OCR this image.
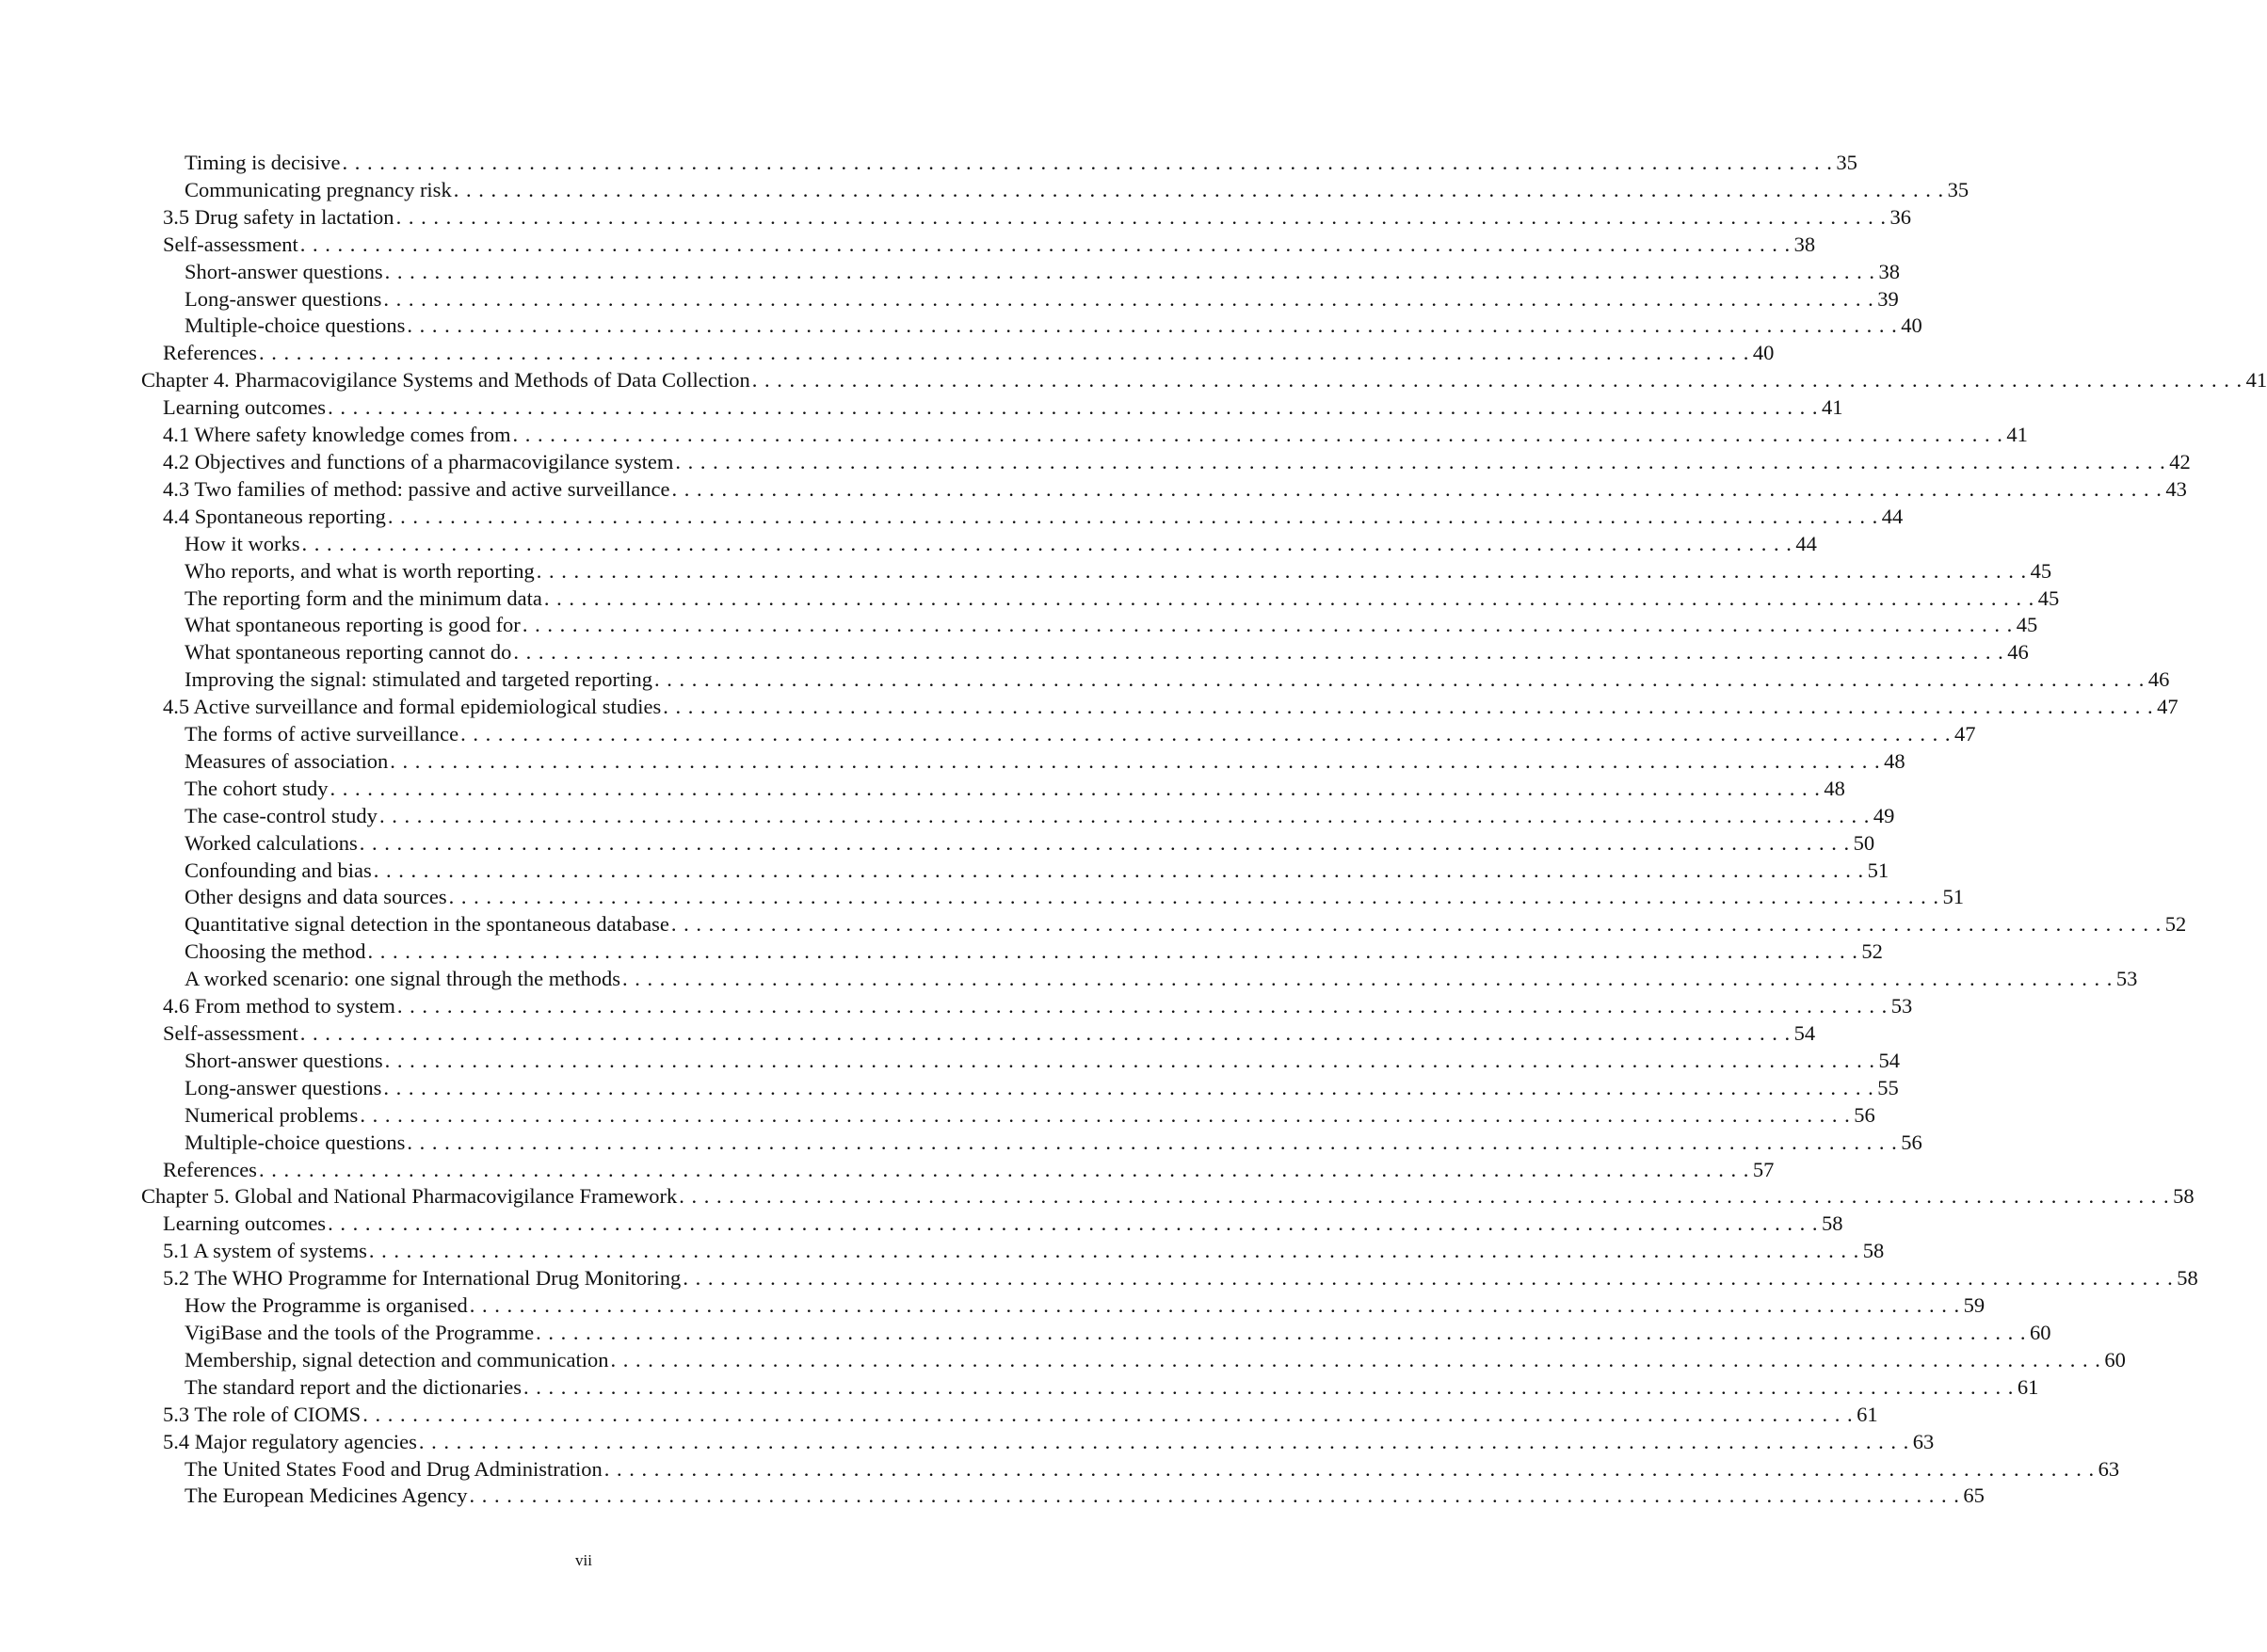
Timing is decisive . . . . . . . . . . . . . . . . . . . . . . . . . . . . . . . . . . . . . . . . . . . . . . . . . . . . . . . . . . . . . . . . . . . . . . . . . . . . . . . . . . . . . . . . . . . . . . . . . . . . . . . . . . . . . . . . . . . . . . . . 35
Communicating pregnancy risk . . . . . . . . . . . . . . . . . . . . . . . . . . . . . . . . . . . . . . . . . . . . . . . . . . . . . . . . . . . . . . . . . . . . . . . . . . . . . . . . . . . . . . . . . . . . . . . . . . . . . . . . . . . . . . . . . . . . . . . . 35
3.5 Drug safety in lactation . . . . . . . . . . . . . . . . . . . . . . . . . . . . . . . . . . . . . . . . . . . . . . . . . . . . . . . . . . . . . . . . . . . . . . . . . . . . . . . . . . . . . . . . . . . . . . . . . . . . . . . . . . . . . . . . . . . . . . . . 36
Self-assessment . . . . . . . . . . . . . . . . . . . . . . . . . . . . . . . . . . . . . . . . . . . . . . . . . . . . . . . . . . . . . . . . . . . . . . . . . . . . . . . . . . . . . . . . . . . . . . . . . . . . . . . . . . . . . . . . . . . . . . . . 38
Short-answer questions . . . . . . . . . . . . . . . . . . . . . . . . . . . . . . . . . . . . . . . . . . . . . . . . . . . . . . . . . . . . . . . . . . . . . . . . . . . . . . . . . . . . . . . . . . . . . . . . . . . . . . . . . . . . . . . . . . . . . . . . 38
Long-answer questions . . . . . . . . . . . . . . . . . . . . . . . . . . . . . . . . . . . . . . . . . . . . . . . . . . . . . . . . . . . . . . . . . . . . . . . . . . . . . . . . . . . . . . . . . . . . . . . . . . . . . . . . . . . . . . . . . . . . . . . . 39
Multiple-choice questions . . . . . . . . . . . . . . . . . . . . . . . . . . . . . . . . . . . . . . . . . . . . . . . . . . . . . . . . . . . . . . . . . . . . . . . . . . . . . . . . . . . . . . . . . . . . . . . . . . . . . . . . . . . . . . . . . . . . . . . . 40
References . . . . . . . . . . . . . . . . . . . . . . . . . . . . . . . . . . . . . . . . . . . . . . . . . . . . . . . . . . . . . . . . . . . . . . . . . . . . . . . . . . . . . . . . . . . . . . . . . . . . . . . . . . . . . . . . . . . . . . . . 40
Chapter 4. Pharmacovigilance Systems and Methods of Data Collection . . . . . . . . . . . . . . . . . . . . . . . . . . . . . . . . . . . . . . . . . . . . . . . . . . . . . . . . . . . . . . . . . . . . . . . . . . . . . . . . . . . . . . . . . . . . . . . . . . . . . . . . . . . . . . . . . . . . . . . . 41
Learning outcomes . . . . . . . . . . . . . . . . . . . . . . . . . . . . . . . . . . . . . . . . . . . . . . . . . . . . . . . . . . . . . . . . . . . . . . . . . . . . . . . . . . . . . . . . . . . . . . . . . . . . . . . . . . . . . . . . . . . . . . . . 41
4.1 Where safety knowledge comes from . . . . . . . . . . . . . . . . . . . . . . . . . . . . . . . . . . . . . . . . . . . . . . . . . . . . . . . . . . . . . . . . . . . . . . . . . . . . . . . . . . . . . . . . . . . . . . . . . . . . . . . . . . . . . . . . . . . . . . . . 41
4.2 Objectives and functions of a pharmacovigilance system . . . . . . . . . . . . . . . . . . . . . . . . . . . . . . . . . . . . . . . . . . . . . . . . . . . . . . . . . . . . . . . . . . . . . . . . . . . . . . . . . . . . . . . . . . . . . . . . . . . . . . . . . . . . . . . . . . . . . . . . 42
4.3 Two families of method: passive and active surveillance . . . . . . . . . . . . . . . . . . . . . . . . . . . . . . . . . . . . . . . . . . . . . . . . . . . . . . . . . . . . . . . . . . . . . . . . . . . . . . . . . . . . . . . . . . . . . . . . . . . . . . . . . . . . . . . . . . . . . . . . 43
4.4 Spontaneous reporting . . . . . . . . . . . . . . . . . . . . . . . . . . . . . . . . . . . . . . . . . . . . . . . . . . . . . . . . . . . . . . . . . . . . . . . . . . . . . . . . . . . . . . . . . . . . . . . . . . . . . . . . . . . . . . . . . . . . . . . . 44
How it works . . . . . . . . . . . . . . . . . . . . . . . . . . . . . . . . . . . . . . . . . . . . . . . . . . . . . . . . . . . . . . . . . . . . . . . . . . . . . . . . . . . . . . . . . . . . . . . . . . . . . . . . . . . . . . . . . . . . . . . . 44
Who reports, and what is worth reporting . . . . . . . . . . . . . . . . . . . . . . . . . . . . . . . . . . . . . . . . . . . . . . . . . . . . . . . . . . . . . . . . . . . . . . . . . . . . . . . . . . . . . . . . . . . . . . . . . . . . . . . . . . . . . . . . . . . . . . . . 45
The reporting form and the minimum data . . . . . . . . . . . . . . . . . . . . . . . . . . . . . . . . . . . . . . . . . . . . . . . . . . . . . . . . . . . . . . . . . . . . . . . . . . . . . . . . . . . . . . . . . . . . . . . . . . . . . . . . . . . . . . . . . . . . . . . . 45
What spontaneous reporting is good for . . . . . . . . . . . . . . . . . . . . . . . . . . . . . . . . . . . . . . . . . . . . . . . . . . . . . . . . . . . . . . . . . . . . . . . . . . . . . . . . . . . . . . . . . . . . . . . . . . . . . . . . . . . . . . . . . . . . . . . . 45
What spontaneous reporting cannot do . . . . . . . . . . . . . . . . . . . . . . . . . . . . . . . . . . . . . . . . . . . . . . . . . . . . . . . . . . . . . . . . . . . . . . . . . . . . . . . . . . . . . . . . . . . . . . . . . . . . . . . . . . . . . . . . . . . . . . . . 46
Improving the signal: stimulated and targeted reporting . . . . . . . . . . . . . . . . . . . . . . . . . . . . . . . . . . . . . . . . . . . . . . . . . . . . . . . . . . . . . . . . . . . . . . . . . . . . . . . . . . . . . . . . . . . . . . . . . . . . . . . . . . . . . . . . . . . . . . . . 46
4.5 Active surveillance and formal epidemiological studies . . . . . . . . . . . . . . . . . . . . . . . . . . . . . . . . . . . . . . . . . . . . . . . . . . . . . . . . . . . . . . . . . . . . . . . . . . . . . . . . . . . . . . . . . . . . . . . . . . . . . . . . . . . . . . . . . . . . . . . . 47
The forms of active surveillance . . . . . . . . . . . . . . . . . . . . . . . . . . . . . . . . . . . . . . . . . . . . . . . . . . . . . . . . . . . . . . . . . . . . . . . . . . . . . . . . . . . . . . . . . . . . . . . . . . . . . . . . . . . . . . . . . . . . . . . . 47
Measures of association . . . . . . . . . . . . . . . . . . . . . . . . . . . . . . . . . . . . . . . . . . . . . . . . . . . . . . . . . . . . . . . . . . . . . . . . . . . . . . . . . . . . . . . . . . . . . . . . . . . . . . . . . . . . . . . . . . . . . . . . 48
The cohort study . . . . . . . . . . . . . . . . . . . . . . . . . . . . . . . . . . . . . . . . . . . . . . . . . . . . . . . . . . . . . . . . . . . . . . . . . . . . . . . . . . . . . . . . . . . . . . . . . . . . . . . . . . . . . . . . . . . . . . . . 48
The case-control study . . . . . . . . . . . . . . . . . . . . . . . . . . . . . . . . . . . . . . . . . . . . . . . . . . . . . . . . . . . . . . . . . . . . . . . . . . . . . . . . . . . . . . . . . . . . . . . . . . . . . . . . . . . . . . . . . . . . . . . . 49
Worked calculations . . . . . . . . . . . . . . . . . . . . . . . . . . . . . . . . . . . . . . . . . . . . . . . . . . . . . . . . . . . . . . . . . . . . . . . . . . . . . . . . . . . . . . . . . . . . . . . . . . . . . . . . . . . . . . . . . . . . . . . . 50
Confounding and bias . . . . . . . . . . . . . . . . . . . . . . . . . . . . . . . . . . . . . . . . . . . . . . . . . . . . . . . . . . . . . . . . . . . . . . . . . . . . . . . . . . . . . . . . . . . . . . . . . . . . . . . . . . . . . . . . . . . . . . . . 51
Other designs and data sources . . . . . . . . . . . . . . . . . . . . . . . . . . . . . . . . . . . . . . . . . . . . . . . . . . . . . . . . . . . . . . . . . . . . . . . . . . . . . . . . . . . . . . . . . . . . . . . . . . . . . . . . . . . . . . . . . . . . . . . . 51
Quantitative signal detection in the spontaneous database . . . . . . . . . . . . . . . . . . . . . . . . . . . . . . . . . . . . . . . . . . . . . . . . . . . . . . . . . . . . . . . . . . . . . . . . . . . . . . . . . . . . . . . . . . . . . . . . . . . . . . . . . . . . . . . . . . . . . . . . 52
Choosing the method . . . . . . . . . . . . . . . . . . . . . . . . . . . . . . . . . . . . . . . . . . . . . . . . . . . . . . . . . . . . . . . . . . . . . . . . . . . . . . . . . . . . . . . . . . . . . . . . . . . . . . . . . . . . . . . . . . . . . . . . 52
A worked scenario: one signal through the methods . . . . . . . . . . . . . . . . . . . . . . . . . . . . . . . . . . . . . . . . . . . . . . . . . . . . . . . . . . . . . . . . . . . . . . . . . . . . . . . . . . . . . . . . . . . . . . . . . . . . . . . . . . . . . . . . . . . . . . . . 53
4.6 From method to system . . . . . . . . . . . . . . . . . . . . . . . . . . . . . . . . . . . . . . . . . . . . . . . . . . . . . . . . . . . . . . . . . . . . . . . . . . . . . . . . . . . . . . . . . . . . . . . . . . . . . . . . . . . . . . . . . . . . . . . . 53
Self-assessment . . . . . . . . . . . . . . . . . . . . . . . . . . . . . . . . . . . . . . . . . . . . . . . . . . . . . . . . . . . . . . . . . . . . . . . . . . . . . . . . . . . . . . . . . . . . . . . . . . . . . . . . . . . . . . . . . . . . . . . . 54
Short-answer questions . . . . . . . . . . . . . . . . . . . . . . . . . . . . . . . . . . . . . . . . . . . . . . . . . . . . . . . . . . . . . . . . . . . . . . . . . . . . . . . . . . . . . . . . . . . . . . . . . . . . . . . . . . . . . . . . . . . . . . . . 54
Long-answer questions . . . . . . . . . . . . . . . . . . . . . . . . . . . . . . . . . . . . . . . . . . . . . . . . . . . . . . . . . . . . . . . . . . . . . . . . . . . . . . . . . . . . . . . . . . . . . . . . . . . . . . . . . . . . . . . . . . . . . . . . 55
Numerical problems . . . . . . . . . . . . . . . . . . . . . . . . . . . . . . . . . . . . . . . . . . . . . . . . . . . . . . . . . . . . . . . . . . . . . . . . . . . . . . . . . . . . . . . . . . . . . . . . . . . . . . . . . . . . . . . . . . . . . . . . 56
Multiple-choice questions . . . . . . . . . . . . . . . . . . . . . . . . . . . . . . . . . . . . . . . . . . . . . . . . . . . . . . . . . . . . . . . . . . . . . . . . . . . . . . . . . . . . . . . . . . . . . . . . . . . . . . . . . . . . . . . . . . . . . . . . 56
References . . . . . . . . . . . . . . . . . . . . . . . . . . . . . . . . . . . . . . . . . . . . . . . . . . . . . . . . . . . . . . . . . . . . . . . . . . . . . . . . . . . . . . . . . . . . . . . . . . . . . . . . . . . . . . . . . . . . . . . . 57
Chapter 5. Global and National Pharmacovigilance Framework . . . . . . . . . . . . . . . . . . . . . . . . . . . . . . . . . . . . . . . . . . . . . . . . . . . . . . . . . . . . . . . . . . . . . . . . . . . . . . . . . . . . . . . . . . . . . . . . . . . . . . . . . . . . . . . . . . . . . . . . 58
Learning outcomes . . . . . . . . . . . . . . . . . . . . . . . . . . . . . . . . . . . . . . . . . . . . . . . . . . . . . . . . . . . . . . . . . . . . . . . . . . . . . . . . . . . . . . . . . . . . . . . . . . . . . . . . . . . . . . . . . . . . . . . . 58
5.1 A system of systems . . . . . . . . . . . . . . . . . . . . . . . . . . . . . . . . . . . . . . . . . . . . . . . . . . . . . . . . . . . . . . . . . . . . . . . . . . . . . . . . . . . . . . . . . . . . . . . . . . . . . . . . . . . . . . . . . . . . . . . . 58
5.2 The WHO Programme for International Drug Monitoring . . . . . . . . . . . . . . . . . . . . . . . . . . . . . . . . . . . . . . . . . . . . . . . . . . . . . . . . . . . . . . . . . . . . . . . . . . . . . . . . . . . . . . . . . . . . . . . . . . . . . . . . . . . . . . . . . . . . . . . . 58
How the Programme is organised . . . . . . . . . . . . . . . . . . . . . . . . . . . . . . . . . . . . . . . . . . . . . . . . . . . . . . . . . . . . . . . . . . . . . . . . . . . . . . . . . . . . . . . . . . . . . . . . . . . . . . . . . . . . . . . . . . . . . . . . 59
VigiBase and the tools of the Programme . . . . . . . . . . . . . . . . . . . . . . . . . . . . . . . . . . . . . . . . . . . . . . . . . . . . . . . . . . . . . . . . . . . . . . . . . . . . . . . . . . . . . . . . . . . . . . . . . . . . . . . . . . . . . . . . . . . . . . . . 60
Membership, signal detection and communication . . . . . . . . . . . . . . . . . . . . . . . . . . . . . . . . . . . . . . . . . . . . . . . . . . . . . . . . . . . . . . . . . . . . . . . . . . . . . . . . . . . . . . . . . . . . . . . . . . . . . . . . . . . . . . . . . . . . . . . . 60
The standard report and the dictionaries . . . . . . . . . . . . . . . . . . . . . . . . . . . . . . . . . . . . . . . . . . . . . . . . . . . . . . . . . . . . . . . . . . . . . . . . . . . . . . . . . . . . . . . . . . . . . . . . . . . . . . . . . . . . . . . . . . . . . . . . 61
5.3 The role of CIOMS . . . . . . . . . . . . . . . . . . . . . . . . . . . . . . . . . . . . . . . . . . . . . . . . . . . . . . . . . . . . . . . . . . . . . . . . . . . . . . . . . . . . . . . . . . . . . . . . . . . . . . . . . . . . . . . . . . . . . . . . 61
5.4 Major regulatory agencies . . . . . . . . . . . . . . . . . . . . . . . . . . . . . . . . . . . . . . . . . . . . . . . . . . . . . . . . . . . . . . . . . . . . . . . . . . . . . . . . . . . . . . . . . . . . . . . . . . . . . . . . . . . . . . . . . . . . . . . . 63
The United States Food and Drug Administration . . . . . . . . . . . . . . . . . . . . . . . . . . . . . . . . . . . . . . . . . . . . . . . . . . . . . . . . . . . . . . . . . . . . . . . . . . . . . . . . . . . . . . . . . . . . . . . . . . . . . . . . . . . . . . . . . . . . . . . . 63
The European Medicines Agency . . . . . . . . . . . . . . . . . . . . . . . . . . . . . . . . . . . . . . . . . . . . . . . . . . . . . . . . . . . . . . . . . . . . . . . . . . . . . . . . . . . . . . . . . . . . . . . . . . . . . . . . . . . . . . . . . . . . . . . . 65
vii
